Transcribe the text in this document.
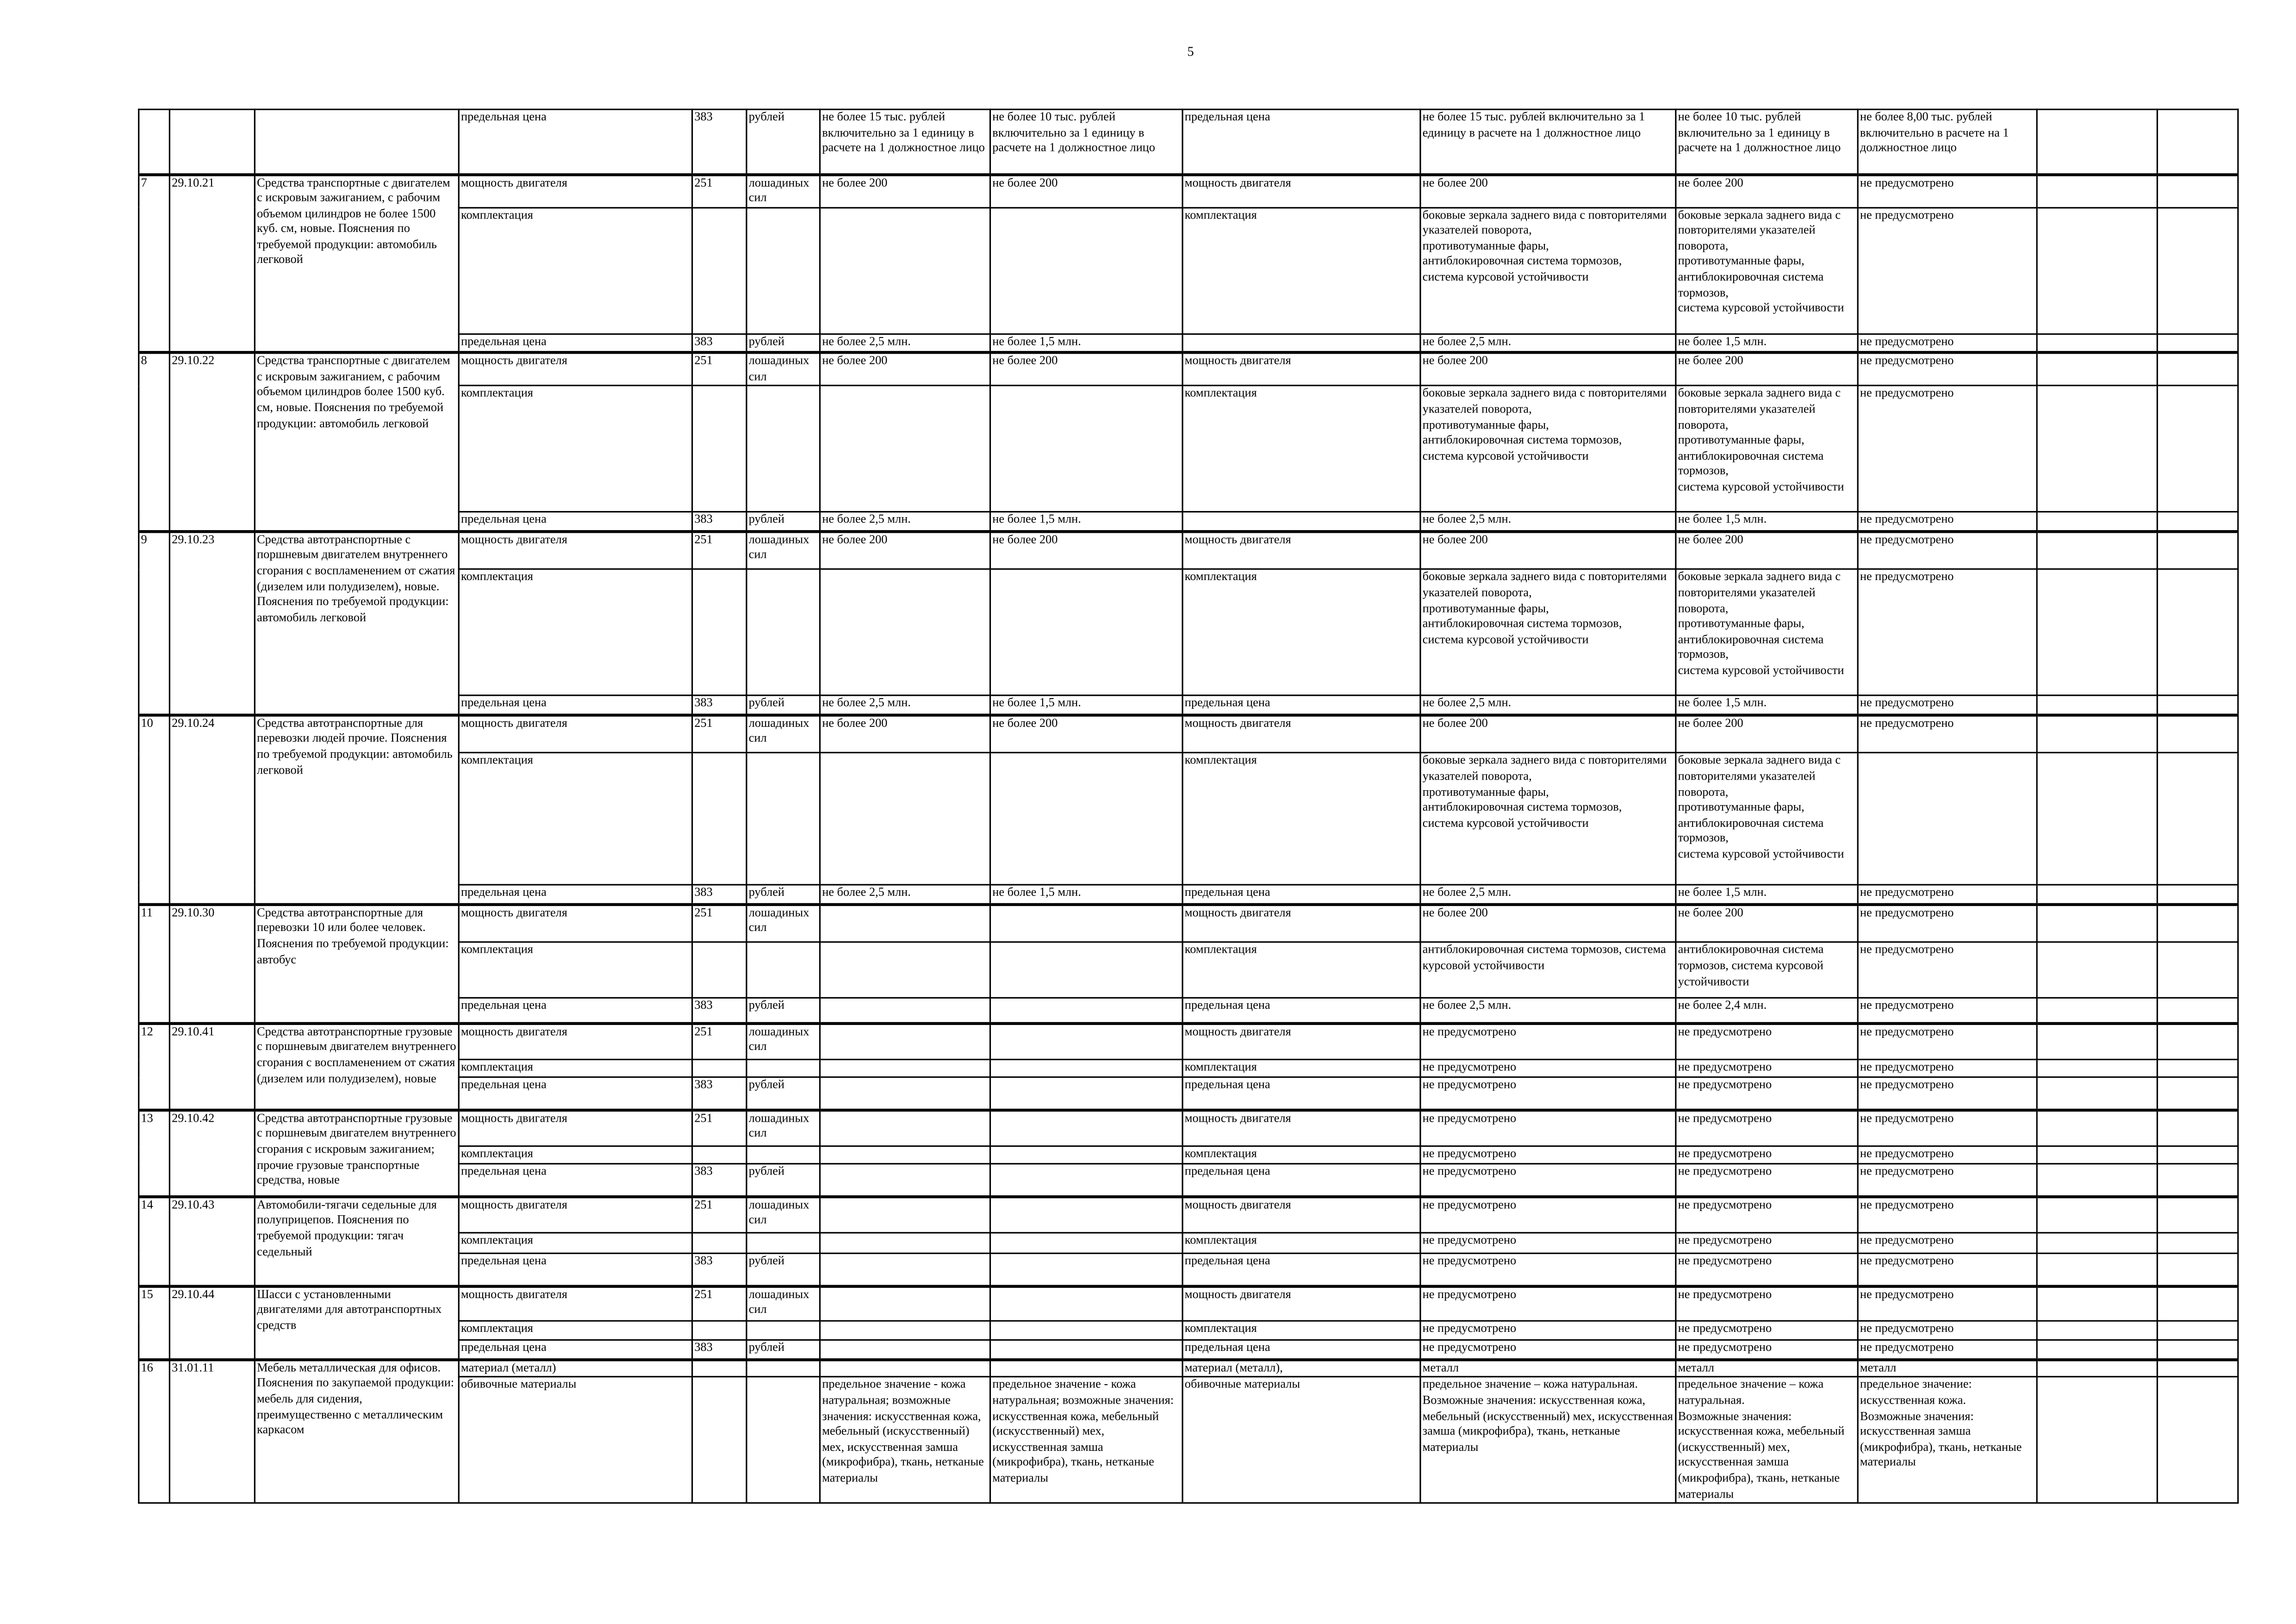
5
			предельная цена	383	рублей	не более 15 тыс. рублей включительно за 1 единицу в расчете на 1 должностное лицо	не более 10 тыс. рублей включительно за 1 единицу в расчете на 1 должностное лицо	предельная цена	не более 15 тыс. рублей включительно за 1 единицу в расчете на 1 должностное лицо	не более 10 тыс. рублей включительно за 1 единицу в расчете на 1 должностное лицо	не более 8,00 тыс. рублей включительно в расчете на 1 должностное лицо		
7	29.10.21	Средства транспортные с двигателем с искровым зажиганием, с рабочим объемом цилиндров не более 1500 куб. см, новые. Пояснения по требуемой продукции: автомобиль легковой	мощность двигателя	251	лошадиных сил	не более 200	не более 200	мощность двигателя	не более 200	не более 200	не предусмотрено		
			комплектация					комплектация	боковые зеркала заднего вида с повторителями указателей поворота,
противотуманные фары,
антиблокировочная система тормозов,
система курсовой устойчивости	боковые зеркала заднего вида с повторителями указателей поворота,
противотуманные фары,
антиблокировочная система тормозов,
система курсовой устойчивости	не предусмотрено		
			предельная цена	383	рублей	не более 2,5 млн.	не более 1,5 млн.		не более 2,5 млн.	не более 1,5 млн.	не предусмотрено		
8	29.10.22	Средства транспортные с двигателем с искровым зажиганием, с рабочим объемом цилиндров более 1500 куб. см, новые. Пояснения по требуемой продукции: автомобиль легковой	мощность двигателя	251	лошадиных сил	не более 200	не более 200	мощность двигателя	не более 200	не более 200	не предусмотрено		
			комплектация					комплектация	боковые зеркала заднего вида с повторителями указателей поворота,
противотуманные фары,
антиблокировочная система тормозов,
система курсовой устойчивости	боковые зеркала заднего вида с повторителями указателей поворота,
противотуманные фары,
антиблокировочная система тормозов,
система курсовой устойчивости	не предусмотрено		
			предельная цена	383	рублей	не более 2,5 млн.	не более 1,5 млн.		не более 2,5 млн.	не более 1,5 млн.	не предусмотрено		
9	29.10.23	Средства автотранспортные с поршневым двигателем внутреннего сгорания с воспламенением от сжатия (дизелем или полудизелем), новые. Пояснения по требуемой продукции: автомобиль легковой	мощность двигателя	251	лошадиных сил	не более 200	не более 200	мощность двигателя	не более 200	не более 200	не предусмотрено		
			комплектация					комплектация	боковые зеркала заднего вида с повторителями указателей поворота,
противотуманные фары,
антиблокировочная система тормозов,
система курсовой устойчивости	боковые зеркала заднего вида с повторителями указателей поворота,
противотуманные фары,
антиблокировочная система тормозов,
система курсовой устойчивости	не предусмотрено		
			предельная цена	383	рублей	не более 2,5 млн.	не более 1,5 млн.	предельная цена	не более 2,5 млн.	не более 1,5 млн.	не предусмотрено		
10	29.10.24	Средства автотранспортные для перевозки людей прочие. Пояснения по требуемой продукции: автомобиль легковой	мощность двигателя	251	лошадиных сил	не более 200	не более 200	мощность двигателя	не более 200	не более 200	не предусмотрено		
			комплектация					комплектация	боковые зеркала заднего вида с повторителями указателей поворота,
противотуманные фары,
антиблокировочная система тормозов,
система курсовой устойчивости	боковые зеркала заднего вида с повторителями указателей поворота,
противотуманные фары,
антиблокировочная система тормозов,
система курсовой устойчивости			
			предельная цена	383	рублей	не более 2,5 млн.	не более 1,5 млн.	предельная цена	не более 2,5 млн.	не более 1,5 млн.	не предусмотрено		
11	29.10.30	Средства автотранспортные для перевозки 10 или более человек. Пояснения по требуемой продукции: автобус	мощность двигателя	251	лошадиных сил			мощность двигателя	не более 200	не более 200	не предусмотрено		
			комплектация					комплектация	антиблокировочная система тормозов, система курсовой устойчивости	антиблокировочная система тормозов, система курсовой устойчивости	не предусмотрено		
			предельная цена	383	рублей			предельная цена	не более 2,5 млн.	не более 2,4 млн.	не предусмотрено		
12	29.10.41	Средства автотранспортные грузовые с поршневым двигателем внутреннего сгорания с воспламенением от сжатия (дизелем или полудизелем), новые	мощность двигателя	251	лошадиных сил			мощность двигателя	не предусмотрено	не предусмотрено	не предусмотрено		
			комплектация					комплектация	не предусмотрено	не предусмотрено	не предусмотрено		
			предельная цена	383	рублей			предельная цена	не предусмотрено	не предусмотрено	не предусмотрено		
13	29.10.42	Средства автотранспортные грузовые с поршневым двигателем внутреннего сгорания с искровым зажиганием; прочие грузовые транспортные средства, новые	мощность двигателя	251	лошадиных сил			мощность двигателя	не предусмотрено	не предусмотрено	не предусмотрено		
			комплектация					комплектация	не предусмотрено	не предусмотрено	не предусмотрено		
			предельная цена	383	рублей			предельная цена	не предусмотрено	не предусмотрено	не предусмотрено		
14	29.10.43	Автомобили-тягачи седельные для полуприцепов. Пояснения по требуемой продукции: тягач седельный	мощность двигателя	251	лошадиных сил			мощность двигателя	не предусмотрено	не предусмотрено	не предусмотрено		
			комплектация					комплектация	не предусмотрено	не предусмотрено	не предусмотрено		
			предельная цена	383	рублей			предельная цена	не предусмотрено	не предусмотрено	не предусмотрено		
15	29.10.44	Шасси с установленными двигателями для автотранспортных средств	мощность двигателя	251	лошадиных сил			мощность двигателя	не предусмотрено	не предусмотрено	не предусмотрено		
			комплектация					комплектация	не предусмотрено	не предусмотрено	не предусмотрено		
			предельная цена	383	рублей			предельная цена	не предусмотрено	не предусмотрено	не предусмотрено		
16	31.01.11	Мебель металлическая для офисов. Пояснения по закупаемой продукции: мебель для сидения, преимущественно с металлическим каркасом	материал (металл)					материал (металл),	металл	металл	металл		
			обивочные материалы			предельное значение - кожа натуральная; возможные значения: искусственная кожа, мебельный (искусственный) мех, искусственная замша (микрофибра), ткань, нетканые материалы	предельное значение - кожа натуральная; возможные значения: искусственная кожа, мебельный (искусственный) мех, искусственная замша (микрофибра), ткань, нетканые материалы	обивочные материалы	предельное значение – кожа натуральная.
Возможные значения: искусственная кожа, мебельный (искусственный) мех, искусственная замша (микрофибра), ткань, нетканые материалы	предельное значение – кожа натуральная.
Возможные значения: искусственная кожа, мебельный (искусственный) мех, искусственная замша (микрофибра), ткань, нетканые материалы	предельное значение: искусственная кожа.
Возможные значения: искусственная замша (микрофибра), ткань, нетканые материалы		
